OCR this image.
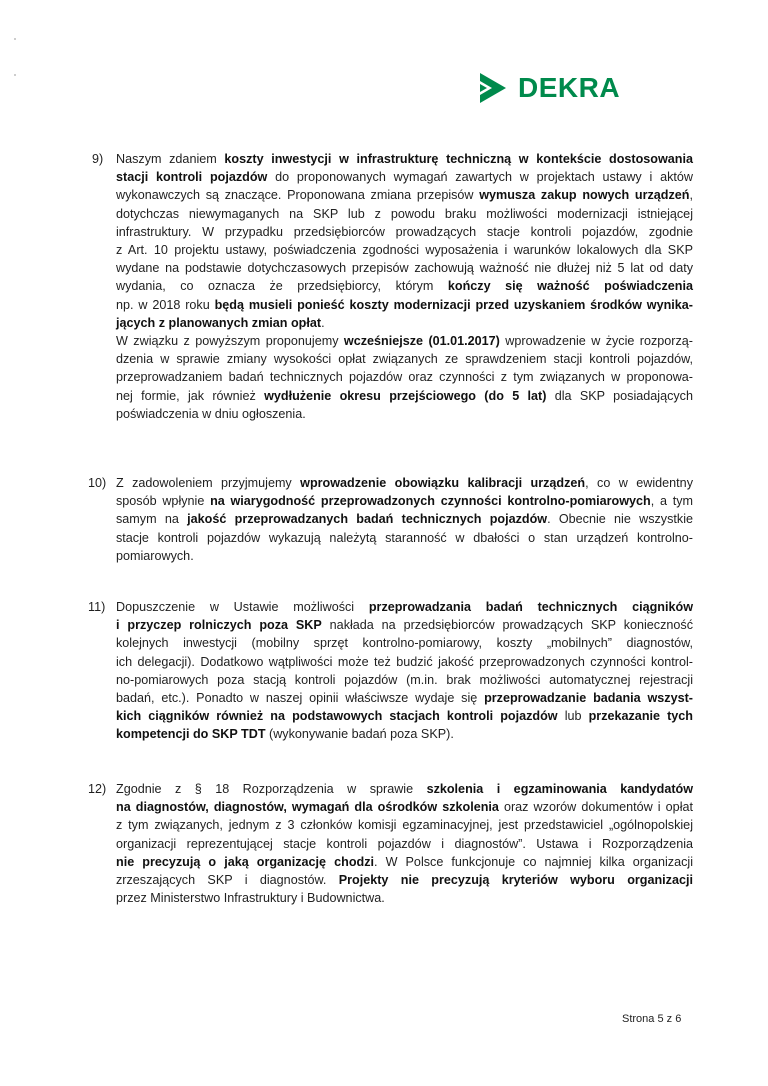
DEKRA
9) Naszym zdaniem koszty inwestycji w infrastrukturę techniczną w kontekście dostosowania
stacji kontroli pojazdów do proponowanych wymagań zawartych w projektach ustawy i aktów
wykonawczych są znaczące. Proponowana zmiana przepisów wymusza zakup nowych urządzeń,
dotychczas niewymaganych na SKP lub z powodu braku możliwości modernizacji istniejącej
infrastruktury. W przypadku przedsiębiorców prowadzących stacje kontroli pojazdów, zgodnie
z Art. 10 projektu ustawy, poświadczenia zgodności wyposażenia i warunków lokalowych dla SKP
wydane na podstawie dotychczasowych przepisów zachowują ważność nie dłużej niż 5 lat od daty
wydania, co oznacza że przedsiębiorcy, którym kończy się ważność poświadczenia
np. w 2018 roku będą musieli ponieść koszty modernizacji przed uzyskaniem środków wynika-
jących z planowanych zmian opłat.
W związku z powyższym proponujemy wcześniejsze (01.01.2017) wprowadzenie w życie rozporzą-
dzenia w sprawie zmiany wysokości opłat związanych ze sprawdzeniem stacji kontroli pojazdów,
przeprowadzaniem badań technicznych pojazdów oraz czynności z tym związanych w proponowa-
nej formie, jak również wydłużenie okresu przejściowego (do 5 lat) dla SKP posiadających
poświadczenia w dniu ogłoszenia.
10) Z zadowoleniem przyjmujemy wprowadzenie obowiązku kalibracji urządzeń, co w ewidentny
sposób wpłynie na wiarygodność przeprowadzonych czynności kontrolno-pomiarowych, a tym
samym na jakość przeprowadzanych badań technicznych pojazdów. Obecnie nie wszystkie
stacje kontroli pojazdów wykazują należytą staranność w dbałości o stan urządzeń kontrolno-
pomiarowych.
11) Dopuszczenie w Ustawie możliwości przeprowadzania badań technicznych ciągników
i przyczep rolniczych poza SKP nakłada na przedsiębiorców prowadzących SKP konieczność
kolejnych inwestycji (mobilny sprzęt kontrolno-pomiarowy, koszty „mobilnych” diagnostów,
ich delegacji). Dodatkowo wątpliwości może też budzić jakość przeprowadzonych czynności kontrol-
no-pomiarowych poza stacją kontroli pojazdów (m.in. brak możliwości automatycznej rejestracji
badań, etc.). Ponadto w naszej opinii właściwsze wydaje się przeprowadzanie badania wszyst-
kich ciągników również na podstawowych stacjach kontroli pojazdów lub przekazanie tych
kompetencji do SKP TDT (wykonywanie badań poza SKP).
12) Zgodnie z § 18 Rozporządzenia w sprawie szkolenia i egzaminowania kandydatów
na diagnostów, diagnostów, wymagań dla ośrodków szkolenia oraz wzorów dokumentów i opłat
z tym związanych, jednym z 3 członków komisji egzaminacyjnej, jest przedstawiciel „ogólnopolskiej
organizacji reprezentującej stacje kontroli pojazdów i diagnostów”. Ustawa i Rozporządzenia
nie precyzują o jaką organizację chodzi. W Polsce funkcjonuje co najmniej kilka organizacji
zrzeszających SKP i diagnostów. Projekty nie precyzują kryteriów wyboru organizacji
przez Ministerstwo Infrastruktury i Budownictwa.
Strona 5 z 6
